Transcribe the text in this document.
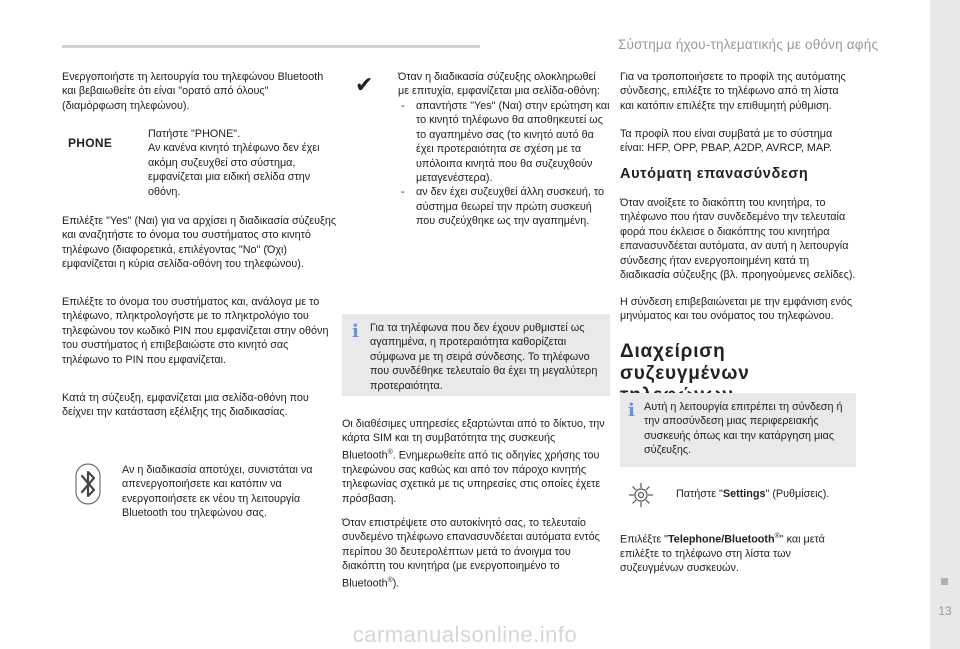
Σύστημα ήχου-τηλεματικής με οθόνη αφής
13

Ενεργοποιήστε τη λειτουργία του τηλεφώνου Bluetooth και βεβαιωθείτε ότι είναι "ορατό από όλους" (διαμόρφωση τηλεφώνου).

PHONE

Πατήστε "PHONE".
Αν κανένα κινητό τηλέφωνο δεν έχει ακόμη συζευχθεί στο σύστημα, εμφανίζεται μια ειδική σελίδα στην οθόνη.

Επιλέξτε "Yes" (Ναι) για να αρχίσει η διαδικασία σύζευξης και αναζητήστε το όνομα του συστήματος στο κινητό τηλέφωνο (διαφορετικά, επιλέγοντας "No" (Όχι) εμφανίζεται η κύρια σελίδα-οθόνη του τηλεφώνου).

Επιλέξτε το όνομα του συστήματος και, ανάλογα με το τηλέφωνο, πληκτρολογήστε με το πληκτρολόγιο του τηλεφώνου τον κωδικό PIN που εμφανίζεται στην οθόνη του συστήματος ή επιβεβαιώστε στο κινητό σας τηλέφωνο το PIN που εμφανίζεται.

Κατά τη σύζευξη, εμφανίζεται μια σελίδα-οθόνη που δείχνει την κατάσταση εξέλιξης της διαδικασίας.

Αν η διαδικασία αποτύχει, συνιστάται να απενεργοποιήσετε και κατόπιν να ενεργοποιήσετε εκ νέου τη λειτουργία Bluetooth του τηλεφώνου σας.

✔ Όταν η διαδικασία σύζευξης ολοκληρωθεί με επιτυχία, εμφανίζεται μια σελίδα-οθόνη:

- απαντήστε "Yes" (Ναι) στην ερώτηση και το κινητό τηλέφωνο θα αποθηκευτεί ως το αγαπημένο σας (το κινητό αυτό θα έχει προτεραιότητα σε σχέση με τα υπόλοιπα κινητά που θα συζευχθούν μεταγενέστερα).
- αν δεν έχει συζευχθεί άλλη συσκευή, το σύστημα θεωρεί την πρώτη συσκευή που συζεύχθηκε ως την αγαπημένη.
i Για τα τηλέφωνα που δεν έχουν ρυθμιστεί ως αγαπημένα, η προτεραιότητα καθορίζεται σύμφωνα με τη σειρά σύνδεσης. Το τηλέφωνο που συνδέθηκε τελευταίο θα έχει τη μεγαλύτερη προτεραιότητα.

Οι διαθέσιμες υπηρεσίες εξαρτώνται από το δίκτυο, την κάρτα SIM και τη συμβατότητα της συσκευής Bluetooth®. Ενημερωθείτε από τις οδηγίες χρήσης του τηλεφώνου σας καθώς και από τον πάροχο κινητής τηλεφωνίας σχετικά με τις υπηρεσίες στις οποίες έχετε πρόσβαση.

Όταν επιστρέψετε στο αυτοκίνητό σας, το τελευταίο συνδεμένο τηλέφωνο επανασυνδέεται αυτόματα εντός περίπου 30 δευτερολέπτων μετά το άνοιγμα του διακόπτη του κινητήρα (με ενεργοποιημένο το Bluetooth®).

Για να τροποποιήσετε το προφίλ της αυτόματης σύνδεσης, επιλέξτε το τηλέφωνο από τη λίστα και κατόπιν επιλέξτε την επιθυμητή ρύθμιση.

Τα προφίλ που είναι συμβατά με το σύστημα είναι: HFP, OPP, PBAP, A2DP, AVRCP, MAP.

Αυτόματη επανασύνδεση

Όταν ανοίξετε το διακόπτη του κινητήρα, το τηλέφωνο που ήταν συνδεδεμένο την τελευταία φορά που έκλεισε ο διακόπτης του κινητήρα επανασυνδέεται αυτόματα, αν αυτή η λειτουργία σύνδεσης ήταν ενεργοποιημένη κατά τη διαδικασία σύζευξης (βλ. προηγούμενες σελίδες).

Η σύνδεση επιβεβαιώνεται με την εμφάνιση ενός μηνύματος και του ονόματος του τηλεφώνου.

Διαχείριση συζευγμένων
i Αυτή η λειτουργία επιτρέπει τη σύνδεση ή την αποσύνδεση μιας περιφερειακής συσκευής όπως και την κατάργηση μιας σύζευξης.

Πατήστε "Settings" (Ρυθμίσεις).

Επιλέξτε "Telephone/Bluetooth®" και μετά επιλέξτε το τηλέφωνο στη λίστα των συζευγμένων συσκευών.

carmanualsonline.info
